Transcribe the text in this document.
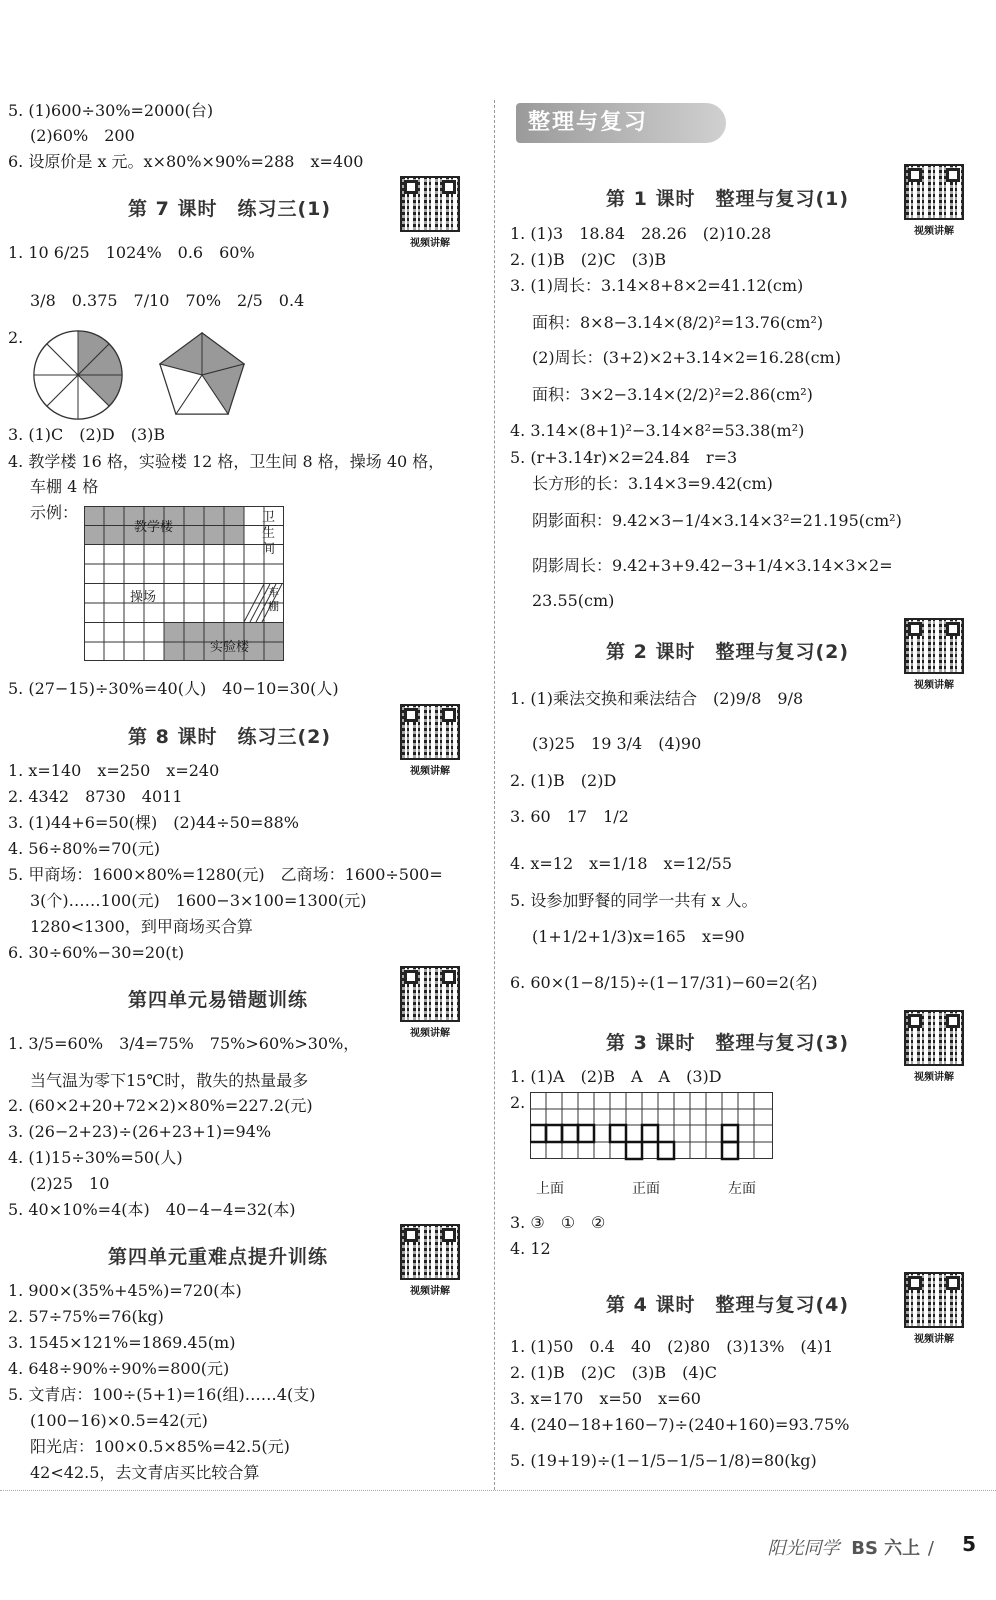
5. (1)600÷30%=2000(台)
(2)60%　200
6. 设原价是 x 元。x×80%×90%=288　x=400
第 7 课时　练习三(1)
视频讲解
1. 10 6/25　1024%　0.6　60%
3/8　0.375　7/10　70%　2/5　0.4
2.
3. (1)C　(2)D　(3)B
4. 教学楼 16 格，实验楼 12 格，卫生间 8 格，操场 40 格，
车棚 4 格
示例：
教学楼
卫生间
操场	车棚
实验楼
5. (27−15)÷30%=40(人)　40−10=30(人)
第 8 课时　练习三(2)
视频讲解
1. x=140　x=250　x=240
2. 4342　8730　4011
3. (1)44+6=50(棵)　(2)44÷50=88%
4. 56÷80%=70(元)
5. 甲商场：1600×80%=1280(元)　乙商场：1600÷500=
3(个)……100(元)　1600−3×100=1300(元)
1280<1300，到甲商场买合算
6. 30÷60%−30=20(t)
第四单元易错题训练
视频讲解
1. 3/5=60%　3/4=75%　75%>60%>30%，
当气温为零下15℃时，散失的热量最多
2. (60×2+20+72×2)×80%=227.2(元)
3. (26−2+23)÷(26+23+1)=94%
4. (1)15÷30%=50(人)
(2)25　10
5. 40×10%=4(本)　40−4−4=32(本)
第四单元重难点提升训练
视频讲解
1. 900×(35%+45%)=720(本)
2. 57÷75%=76(kg)
3. 1545×121%=1869.45(m)
4. 648÷90%÷90%=800(元)
5. 文青店：100÷(5+1)=16(组)……4(支)
(100−16)×0.5=42(元)
阳光店：100×0.5×85%=42.5(元)
42<42.5，去文青店买比较合算
整理与复习
第 1 课时　整理与复习(1)
视频讲解
1. (1)3　18.84　28.26　(2)10.28
2. (1)B　(2)C　(3)B
3. (1)周长：3.14×8+8×2=41.12(cm)
面积：8×8−3.14×(8/2)²=13.76(cm²)
(2)周长：(3+2)×2+3.14×2=16.28(cm)
面积：3×2−3.14×(2/2)²=2.86(cm²)
4. 3.14×(8+1)²−3.14×8²=53.38(m²)
5. (r+3.14r)×2=24.84　r=3
长方形的长：3.14×3=9.42(cm)
阴影面积：9.42×3−1/4×3.14×3²=21.195(cm²)
阴影周长：9.42+3+9.42−3+1/4×3.14×3×2=
23.55(cm)
第 2 课时　整理与复习(2)
视频讲解
1. (1)乘法交换和乘法结合　(2)9/8　9/8
(3)25　19 3/4　(4)90
2. (1)B　(2)D
3. 60　17　1/2
4. x=12　x=1/18　x=12/55
5. 设参加野餐的同学一共有 x 人。
(1+1/2+1/3)x=165　x=90
6. 60×(1−8/15)÷(1−17/31)−60=2(名)
第 3 课时　整理与复习(3)
视频讲解
1. (1)A　(2)B　A　A　(3)D
2.
上面	正面	左面
3. ③　①　②
4. 12
第 4 课时　整理与复习(4)
视频讲解
1. (1)50　0.4　40　(2)80　(3)13%　(4)1
2. (1)B　(2)C　(3)B　(4)C
3. x=170　x=50　x=60
4. (240−18+160−7)÷(240+160)=93.75%
5. (19+19)÷(1−1/5−1/5−1/8)=80(kg)
阳光同学 BS 六上 / 5
